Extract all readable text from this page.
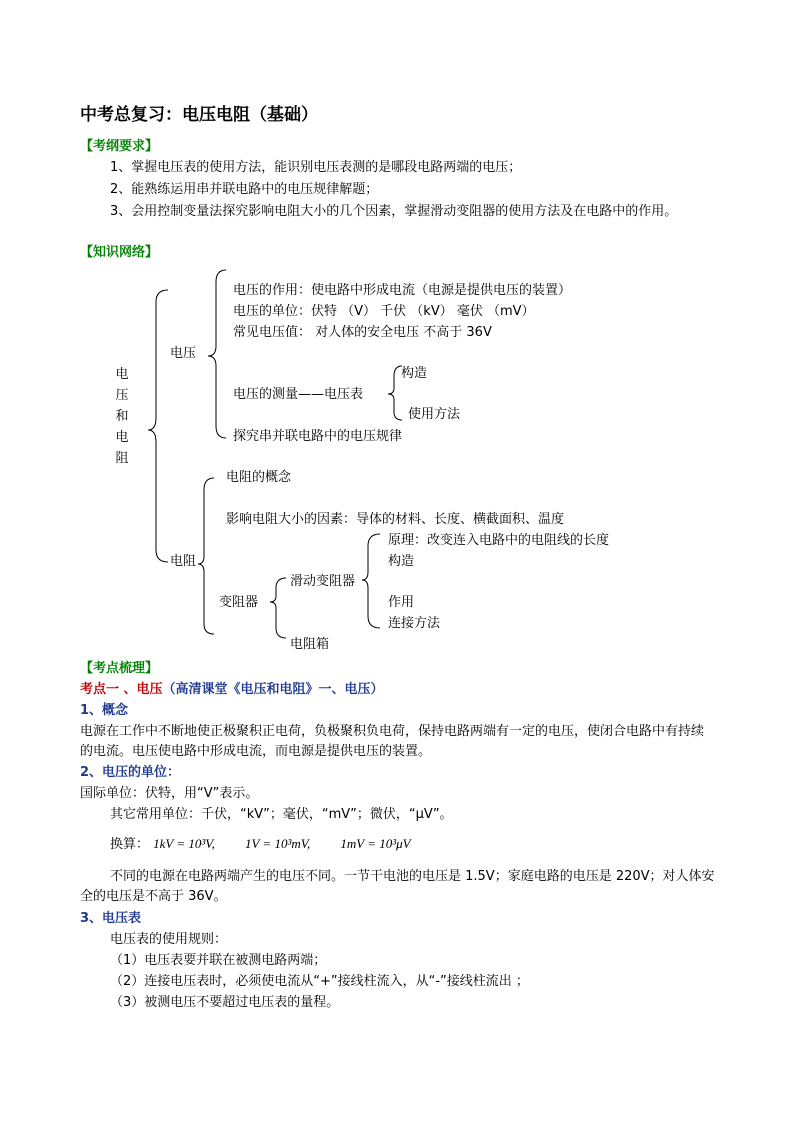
中考总复习：电压电阻（基础）
【考纲要求】
1、掌握电压表的使用方法，能识别电压表测的是哪段电路两端的电压；
2、能熟练运用串并联电路中的电压规律解题；
3、会用控制变量法探究影响电阻大小的几个因素，掌握滑动变阻器的使用方法及在电路中的作用。
【知识网络】
电
压
和
电
阻
电压
电压的作用：使电路中形成电流（电源是提供电压的装置）
电压的单位：伏特 （V） 千伏 （kV） 毫伏 （mV）
常见电压值： 对人体的安全电压 不高于 36V
电压的测量——电压表
构造
使用方法
探究串并联电路中的电压规律
电阻
电阻的概念
影响电阻大小的因素：导体的材料、长度、横截面积、温度
变阻器
滑动变阻器
原理：改变连入电路中的电阻线的长度
构造
作用
连接方法
电阻箱
【考点梳理】
考点一 、电压（高清课堂《电压和电阻》一、电压）
1、概念
电源在工作中不断地使正极聚积正电荷，负极聚积负电荷，保持电路两端有一定的电压，使闭合电路中有持续的电流。电压使电路中形成电流，而电源是提供电压的装置。
2、电压的单位：
国际单位：伏特，用“V”表示。
其它常用单位：千伏，“kV”；毫伏，“mV”；微伏，“μV”。
换算： 1kV = 10³V, 1V = 10³mV, 1mV = 10³μV
不同的电源在电路两端产生的电压不同。一节干电池的电压是 1.5V；家庭电路的电压是 220V；对人体安全的电压是不高于 36V。
3、电压表
电压表的使用规则：
（1）电压表要并联在被测电路两端；
（2）连接电压表时，必须使电流从“+”接线柱流入，从“-”接线柱流出 ；
（3）被测电压不要超过电压表的量程。
